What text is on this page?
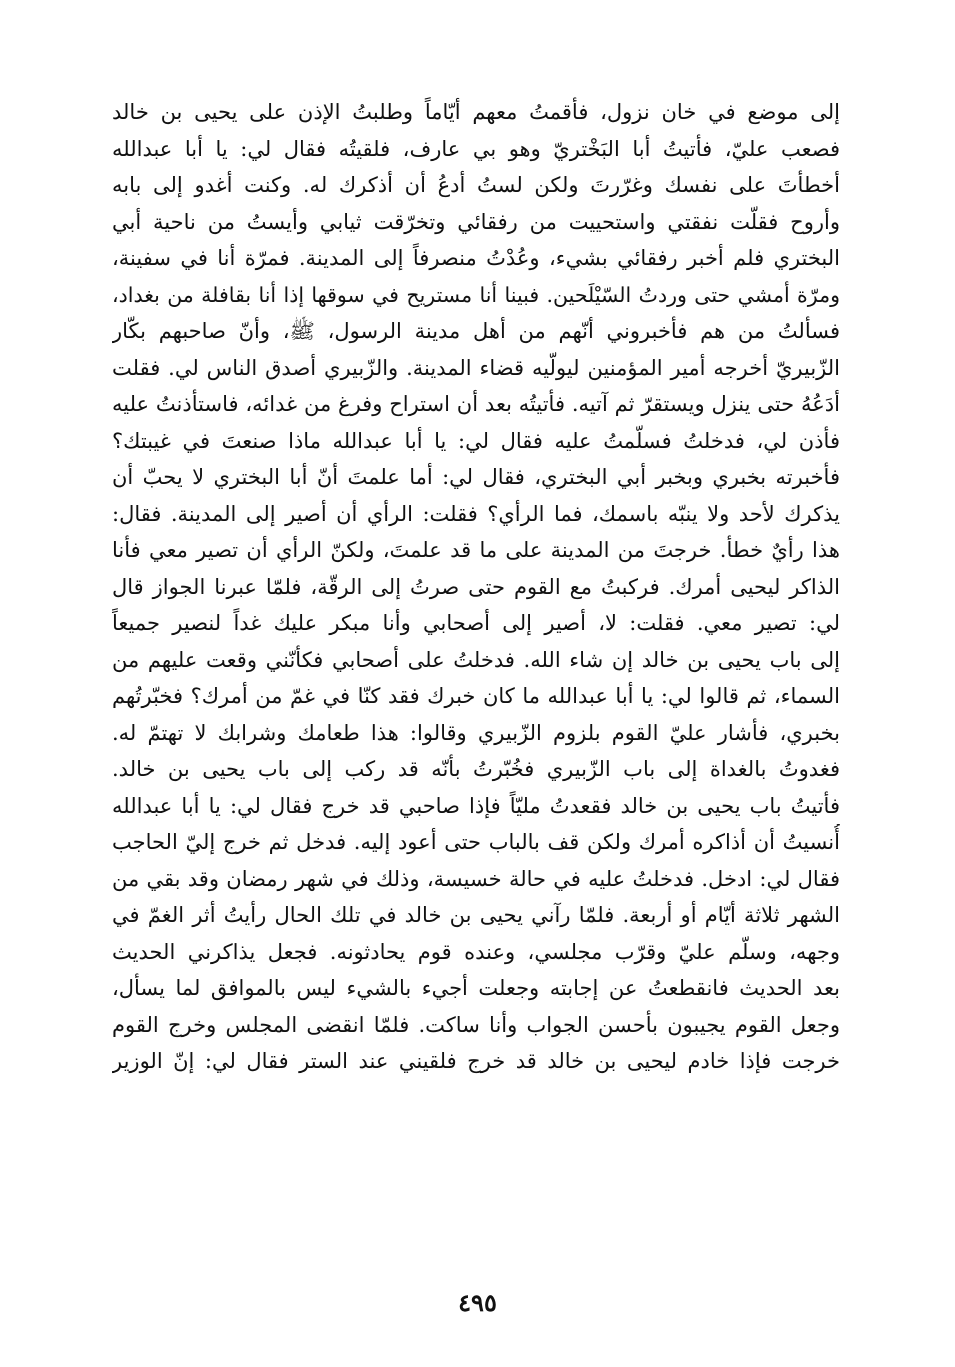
إلى موضع في خان نزول، فأقمتُ معهم أيّاماً وطلبتُ الإذن على يحيى بن خالد
فصعب عليّ، فأتيتُ أبا البَخْتريّ وهو بي عارف، فلقيتُه فقال لي: يا أبا عبدالله
أخطأتَ على نفسك وغرّرتَ ولكن لستُ أدعُ أن أذكرك له. وكنت أغدو إلى بابه
وأروح فقلّت نفقتي واستحييت من رفقائي وتخرّقت ثيابي وأيستُ من ناحية أبي
البختري فلم أخبر رفقائي بشيء، وعُدْتُ منصرفاً إلى المدينة. فمرّة أنا في سفينة،
ومرّة أمشي حتى وردتُ السّيْلَحين. فبينا أنا مستريح في سوقها إذا أنا بقافلة من بغداد،
فسألتُ من هم فأخبروني أنّهم من أهل مدينة الرسول، ﷺ، وأنّ صاحبهم بكّار
الزّبيريّ أخرجه أمير المؤمنين ليولّيه قضاء المدينة. والزّبيري أصدق الناس لي. فقلت
أدَعُهُ حتى ينزل ويستقرّ ثم آتيه. فأتيتُه بعد أن استراح وفرغ من غدائه، فاستأذنتُ عليه
فأذن لي، فدخلتُ فسلّمتُ عليه فقال لي: يا أبا عبدالله ماذا صنعتَ في غيبتك؟
فأخبرته بخبري وبخبر أبي البختري، فقال لي: أما علمتَ أنّ أبا البختري لا يحبّ أن
يذكرك لأحد ولا ينبّه باسمك، فما الرأي؟ فقلت: الرأي أن أصير إلى المدينة. فقال:
هذا رأيٌ خطأ. خرجتَ من المدينة على ما قد علمتَ، ولكنّ الرأي أن تصير معي فأنا
الذاكر ليحيى أمرك. فركبتُ مع القوم حتى صرتُ إلى الرقّة، فلمّا عبرنا الجواز قال
لي: تصير معي. فقلت: لا، أصير إلى أصحابي وأنا مبكر عليك غداً لنصير جميعاً
إلى باب يحيى بن خالد إن شاء الله. فدخلتُ على أصحابي فكأنّني وقعت عليهم من
السماء، ثم قالوا لي: يا أبا عبدالله ما كان خبرك فقد كنّا في غمّ من أمرك؟ فخبّرتُهم
بخبري، فأشار عليّ القوم بلزوم الزّبيري وقالوا: هذا طعامك وشرابك لا تهتمّ له.
فغدوتُ بالغداة إلى باب الزّبيري فخُبّرتُ بأنّه قد ركب إلى باب يحيى بن خالد.
فأتيتُ باب يحيى بن خالد فقعدتُ مليّاً فإذا صاحبي قد خرج فقال لي: يا أبا عبدالله
أُنسيتُ أن أذاكره أمرك ولكن قف بالباب حتى أعود إليه. فدخل ثم خرج إليّ الحاجب
فقال لي: ادخل. فدخلتُ عليه في حالة خسيسة، وذلك في شهر رمضان وقد بقي من
الشهر ثلاثة أيّام أو أربعة. فلمّا رآني يحيى بن خالد في تلك الحال رأيتُ أثر الغمّ في
وجهه، وسلّم عليّ وقرّب مجلسي، وعنده قوم يحادثونه. فجعل يذاكرني الحديث
بعد الحديث فانقطعتُ عن إجابته وجعلت أجيء بالشيء ليس بالموافق لما يسأل،
وجعل القوم يجيبون بأحسن الجواب وأنا ساكت. فلمّا انقضى المجلس وخرج القوم
خرجت فإذا خادم ليحيى بن خالد قد خرج فلقيني عند الستر فقال لي: إنّ الوزير
٤٩٥
